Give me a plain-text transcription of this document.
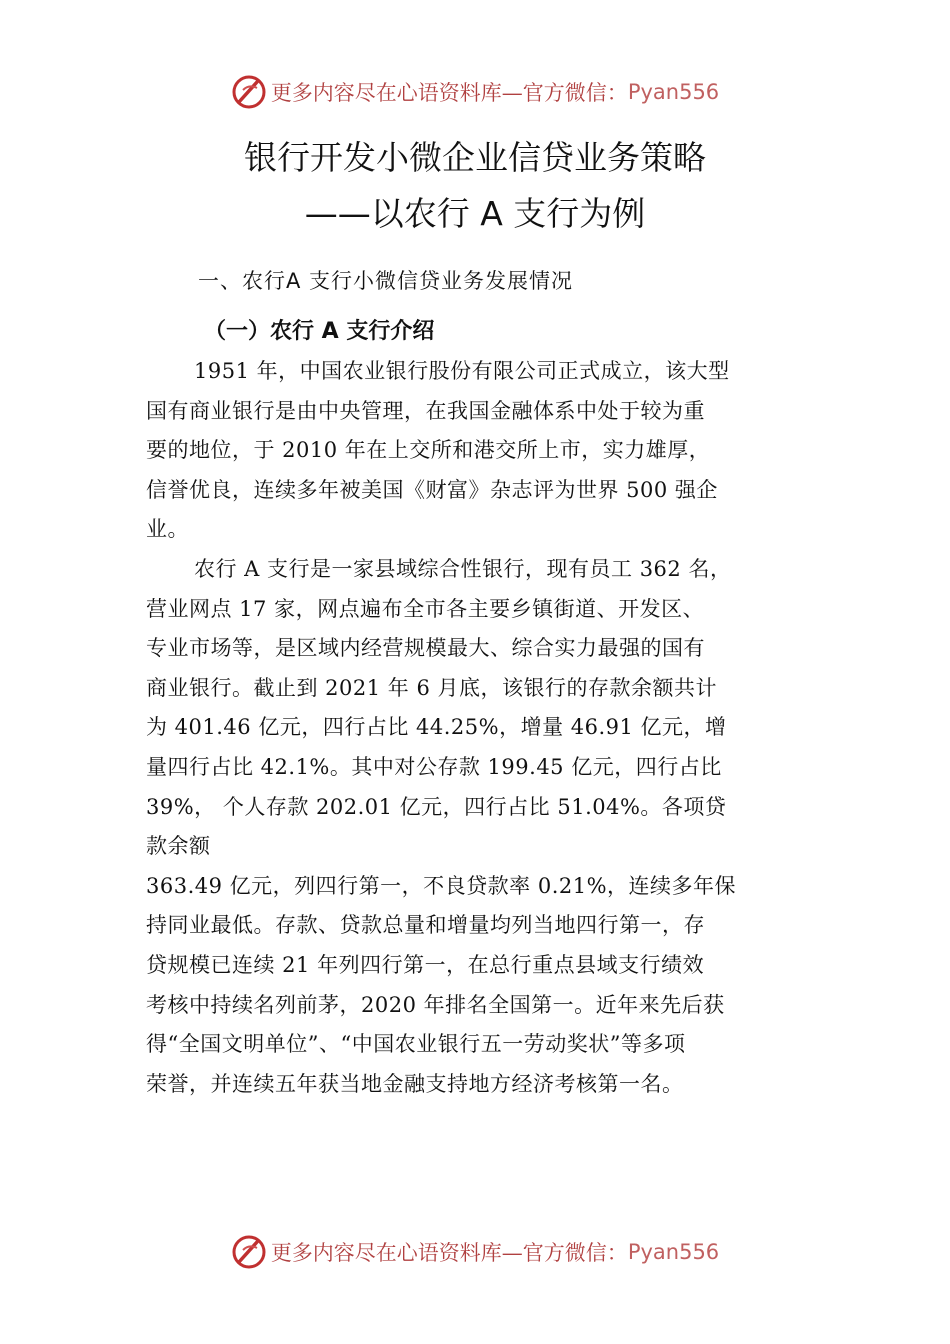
更多内容尽在心语资料库—官方微信： Pyan556
银行开发小微企业信贷业务策略
——以农行 A 支行为例
一、农行A 支行小微信贷业务发展情况
（一）农行 A 支行介绍
1951 年，中国农业银行股份有限公司正式成立，该大型
国有商业银行是由中央管理，在我国金融体系中处于较为重
要的地位，于 2010 年在上交所和港交所上市，实力雄厚，
信誉优良，连续多年被美国《财富》杂志评为世界 500 强企
业。
农行 A 支行是一家县域综合性银行，现有员工 362 名，
营业网点 17 家，网点遍布全市各主要乡镇街道、开发区、
专业市场等，是区域内经营规模最大、综合实力最强的国有
商业银行。截止到 2021 年 6 月底，该银行的存款余额共计
为 401.46 亿元，四行占比 44.25%，增量 46.91 亿元，增
量四行占比 42.1%。其中对公存款 199.45 亿元，四行占比
39%， 个人存款 202.01 亿元，四行占比 51.04%。各项贷
款余额
363.49 亿元，列四行第一，不良贷款率 0.21%，连续多年保
持同业最低。存款、贷款总量和增量均列当地四行第一，存
贷规模已连续 21 年列四行第一，在总行重点县域支行绩效
考核中持续名列前茅，2020 年排名全国第一。近年来先后获
得“全国文明单位”、“中国农业银行五一劳动奖状”等多项
荣誉，并连续五年获当地金融支持地方经济考核第一名。
更多内容尽在心语资料库—官方微信： Pyan556
